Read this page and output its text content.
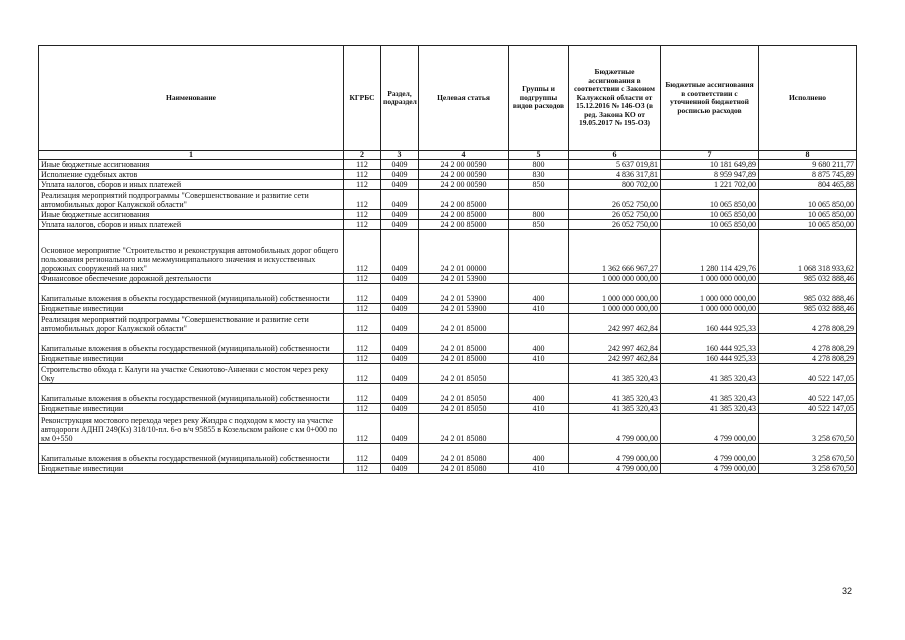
Наименование	КГРБС	Раздел, подраздел	Целевая статья	Группы и подгруппы видов расходов	Бюджетные ассигнования в соответствии с Законом Калужской области от 15.12.2016 № 146-ОЗ (в ред. Закона КО от 19.05.2017 № 195-ОЗ)	Бюджетные ассигнования в соответствии с уточненной бюджетной росписью расходов	Исполнено
1	2	3	4	5	6	7	8
Иные бюджетные ассигнования	112	0409	24 2 00 00590	800	5 637 019,81	10 181 649,89	9 680 211,77
Исполнение судебных актов	112	0409	24 2 00 00590	830	4 836 317,81	8 959 947,89	8 875 745,89
Уплата налогов, сборов и иных платежей	112	0409	24 2 00 00590	850	800 702,00	1 221 702,00	804 465,88
Реализация мероприятий подпрограммы "Совершенствование и развитие сети автомобильных дорог Калужской области"	112	0409	24 2 00 85000		26 052 750,00	10 065 850,00	10 065 850,00
Иные бюджетные ассигнования	112	0409	24 2 00 85000	800	26 052 750,00	10 065 850,00	10 065 850,00
Уплата налогов, сборов и иных платежей	112	0409	24 2 00 85000	850	26 052 750,00	10 065 850,00	10 065 850,00
Основное мероприятие "Строительство и реконструкция автомобильных дорог общего пользования регионального или межмуниципального значения и искусственных дорожных сооружений на них"	112	0409	24 2 01 00000		1 362 666 967,27	1 280 114 429,76	1 068 318 933,62
Финансовое обеспечение дорожной деятельности	112	0409	24 2 01 53900		1 000 000 000,00	1 000 000 000,00	985 032 888,46
Капитальные вложения в объекты государственной (муниципальной) собственности	112	0409	24 2 01 53900	400	1 000 000 000,00	1 000 000 000,00	985 032 888,46
Бюджетные инвестиции	112	0409	24 2 01 53900	410	1 000 000 000,00	1 000 000 000,00	985 032 888,46
Реализация мероприятий подпрограммы "Совершенствование и развитие сети автомобильных дорог Калужской области"	112	0409	24 2 01 85000		242 997 462,84	160 444 925,33	4 278 808,29
Капитальные вложения в объекты государственной (муниципальной) собственности	112	0409	24 2 01 85000	400	242 997 462,84	160 444 925,33	4 278 808,29
Бюджетные инвестиции	112	0409	24 2 01 85000	410	242 997 462,84	160 444 925,33	4 278 808,29
Строительство обхода г. Калуги на участке Секиотово-Анненки с мостом через реку Оку	112	0409	24 2 01 85050		41 385 320,43	41 385 320,43	40 522 147,05
Капитальные вложения в объекты государственной (муниципальной) собственности	112	0409	24 2 01 85050	400	41 385 320,43	41 385 320,43	40 522 147,05
Бюджетные инвестиции	112	0409	24 2 01 85050	410	41 385 320,43	41 385 320,43	40 522 147,05
Реконструкция мостового перехода через реку Жиздра с подходом к мосту на участке автодороги АДНП 249(Кз) 318/10-пл. 6-о в/ч 95855 в Козельском районе с км 0+000 по км 0+550	112	0409	24 2 01 85080		4 799 000,00	4 799 000,00	3 258 670,50
Капитальные вложения в объекты государственной (муниципальной) собственности	112	0409	24 2 01 85080	400	4 799 000,00	4 799 000,00	3 258 670,50
Бюджетные инвестиции	112	0409	24 2 01 85080	410	4 799 000,00	4 799 000,00	3 258 670,50
32
